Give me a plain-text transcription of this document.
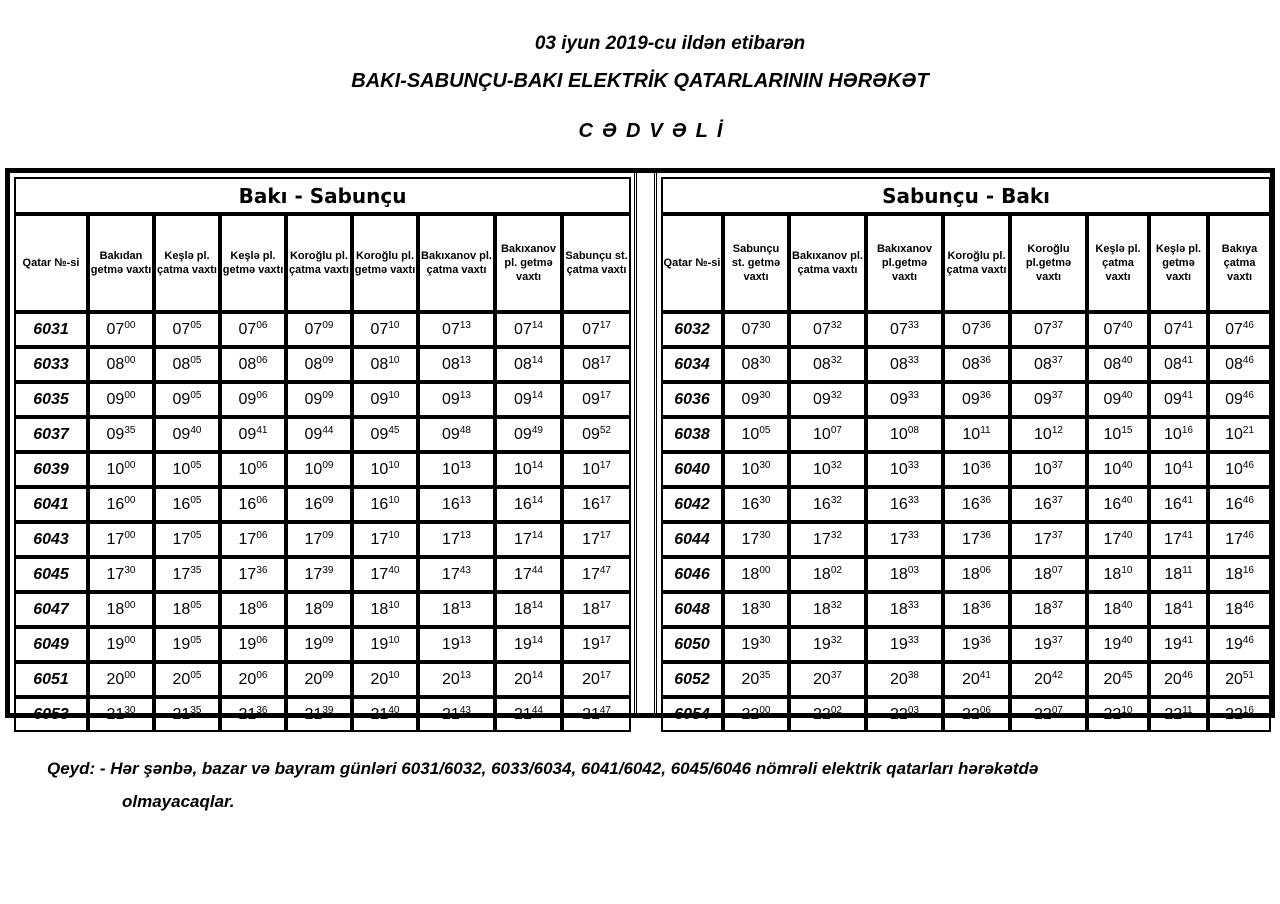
03 iyun 2019-cu ildən etibarən
BAKI-SABUNÇU-BAKI ELEKTRİK QATARLARININ HƏRƏKƏT
CƏDVƏLİ
Bakı - Sabunçu								
Qatar №-si	Bakıdan getmə vaxtı	Keşlə pl. çatma vaxtı	Keşlə pl. getmə vaxtı	Koroğlu pl. çatma vaxtı	Koroğlu pl. getmə vaxtı	Bakıxanov pl. çatma vaxtı	Bakıxanov pl. getmə vaxtı	Sabunçu st. çatma vaxtı
6031	$07^{00}$	$07^{05}$	$07^{06}$	$07^{09}$	$07^{10}$	$07^{13}$	$07^{14}$	$07^{17}$
6033	$08^{00}$	$08^{05}$	$08^{06}$	$08^{09}$	$08^{10}$	$08^{13}$	$08^{14}$	$08^{17}$
6035	$09^{00}$	$09^{05}$	$09^{06}$	$09^{09}$	$09^{10}$	$09^{13}$	$09^{14}$	$09^{17}$
6037	$09^{35}$	$09^{40}$	$09^{41}$	$09^{44}$	$09^{45}$	$09^{48}$	$09^{49}$	$09^{52}$
6039	$10^{00}$	$10^{05}$	$10^{06}$	$10^{09}$	$10^{10}$	$10^{13}$	$10^{14}$	$10^{17}$
6041	$16^{00}$	$16^{05}$	$16^{06}$	$16^{09}$	$16^{10}$	$16^{13}$	$16^{14}$	$16^{17}$
6043	$17^{00}$	$17^{05}$	$17^{06}$	$17^{09}$	$17^{10}$	$17^{13}$	$17^{14}$	$17^{17}$
6045	$17^{30}$	$17^{35}$	$17^{36}$	$17^{39}$	$17^{40}$	$17^{43}$	$17^{44}$	$17^{47}$
6047	$18^{00}$	$18^{05}$	$18^{06}$	$18^{09}$	$18^{10}$	$18^{13}$	$18^{14}$	$18^{17}$
6049	$19^{00}$	$19^{05}$	$19^{06}$	$19^{09}$	$19^{10}$	$19^{13}$	$19^{14}$	$19^{17}$
6051	$20^{00}$	$20^{05}$	$20^{06}$	$20^{09}$	$20^{10}$	$20^{13}$	$20^{14}$	$20^{17}$
6053	$21^{30}$	$21^{35}$	$21^{36}$	$21^{39}$	$21^{40}$	$21^{43}$	$21^{44}$	$21^{47}$
Sabunçu - Bakı								
Qatar №-si	Sabunçu st. getmə vaxtı	Bakıxanov pl. çatma vaxtı	Bakıxanov pl.getmə vaxtı	Koroğlu pl. çatma vaxtı	Koroğlu pl.getmə vaxtı	Keşlə pl. çatma vaxtı	Keşlə pl. getmə vaxtı	Bakıya çatma vaxtı
6032	$07^{30}$	$07^{32}$	$07^{33}$	$07^{36}$	$07^{37}$	$07^{40}$	$07^{41}$	$07^{46}$
6034	$08^{30}$	$08^{32}$	$08^{33}$	$08^{36}$	$08^{37}$	$08^{40}$	$08^{41}$	$08^{46}$
6036	$09^{30}$	$09^{32}$	$09^{33}$	$09^{36}$	$09^{37}$	$09^{40}$	$09^{41}$	$09^{46}$
6038	$10^{05}$	$10^{07}$	$10^{08}$	$10^{11}$	$10^{12}$	$10^{15}$	$10^{16}$	$10^{21}$
6040	$10^{30}$	$10^{32}$	$10^{33}$	$10^{36}$	$10^{37}$	$10^{40}$	$10^{41}$	$10^{46}$
6042	$16^{30}$	$16^{32}$	$16^{33}$	$16^{36}$	$16^{37}$	$16^{40}$	$16^{41}$	$16^{46}$
6044	$17^{30}$	$17^{32}$	$17^{33}$	$17^{36}$	$17^{37}$	$17^{40}$	$17^{41}$	$17^{46}$
6046	$18^{00}$	$18^{02}$	$18^{03}$	$18^{06}$	$18^{07}$	$18^{10}$	$18^{11}$	$18^{16}$
6048	$18^{30}$	$18^{32}$	$18^{33}$	$18^{36}$	$18^{37}$	$18^{40}$	$18^{41}$	$18^{46}$
6050	$19^{30}$	$19^{32}$	$19^{33}$	$19^{36}$	$19^{37}$	$19^{40}$	$19^{41}$	$19^{46}$
6052	$20^{35}$	$20^{37}$	$20^{38}$	$20^{41}$	$20^{42}$	$20^{45}$	$20^{46}$	$20^{51}$
6054	$22^{00}$	$22^{02}$	$22^{03}$	$22^{06}$	$22^{07}$	$22^{10}$	$22^{11}$	$22^{16}$
Qeyd: - Hər şənbə, bazar və bayram günləri 6031/6032, 6033/6034, 6041/6042, 6045/6046 nömrəli elektrik qatarları hərəkətdə
olmayacaqlar.
